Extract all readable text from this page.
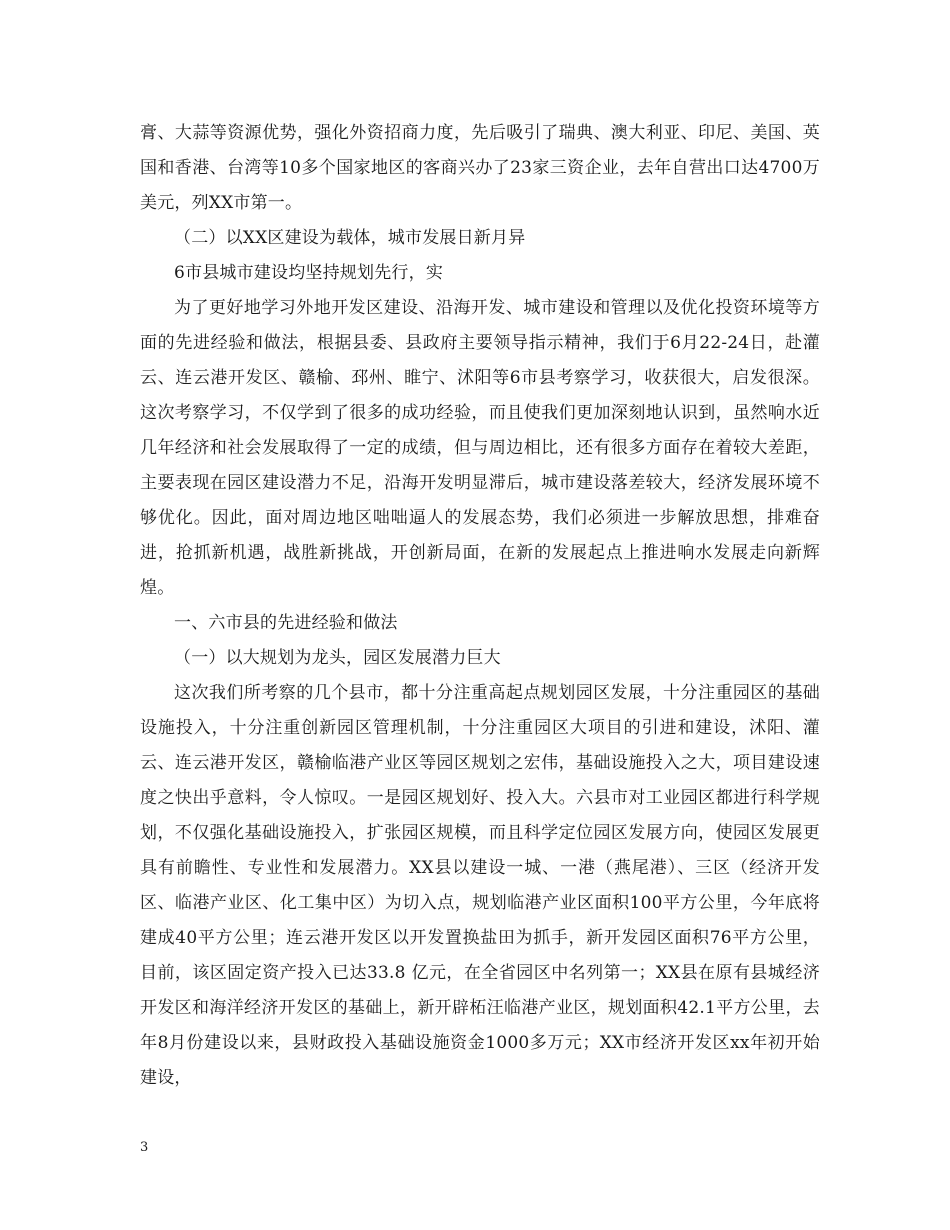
膏、大蒜等资源优势，强化外资招商力度，先后吸引了瑞典、澳大利亚、印尼、美国、英国和香港、台湾等10多个国家地区的客商兴办了23家三资企业，去年自营出口达4700万美元，列XX市第一。

（二）以XX区建设为载体，城市发展日新月异

6市县城市建设均坚持规划先行，实

为了更好地学习外地开发区建设、沿海开发、城市建设和管理以及优化投资环境等方面的先进经验和做法，根据县委、县政府主要领导指示精神，我们于6月22-24日，赴灌云、连云港开发区、赣榆、邳州、睢宁、沭阳等6市县考察学习，收获很大，启发很深。这次考察学习，不仅学到了很多的成功经验，而且使我们更加深刻地认识到，虽然响水近几年经济和社会发展取得了一定的成绩，但与周边相比，还有很多方面存在着较大差距，主要表现在园区建设潜力不足，沿海开发明显滞后，城市建设落差较大，经济发展环境不够优化。因此，面对周边地区咄咄逼人的发展态势，我们必须进一步解放思想，排难奋进，抢抓新机遇，战胜新挑战，开创新局面，在新的发展起点上推进响水发展走向新辉煌。

一、六市县的先进经验和做法

（一）以大规划为龙头，园区发展潜力巨大

这次我们所考察的几个县市，都十分注重高起点规划园区发展，十分注重园区的基础设施投入，十分注重创新园区管理机制，十分注重园区大项目的引进和建设，沭阳、灌云、连云港开发区，赣榆临港产业区等园区规划之宏伟，基础设施投入之大，项目建设速度之快出乎意料，令人惊叹。一是园区规划好、投入大。六县市对工业园区都进行科学规划，不仅强化基础设施投入，扩张园区规模，而且科学定位园区发展方向，使园区发展更具有前瞻性、专业性和发展潜力。XX县以建设一城、一港（燕尾港）、三区（经济开发区、临港产业区、化工集中区）为切入点，规划临港产业区面积100平方公里，今年底将建成40平方公里；连云港开发区以开发置换盐田为抓手，新开发园区面积76平方公里，目前，该区固定资产投入已达33.8 亿元，在全省园区中名列第一；XX县在原有县城经济开发区和海洋经济开发区的基础上，新开辟柘汪临港产业区，规划面积42.1平方公里，去年8月份建设以来，县财政投入基础设施资金1000多万元；XX市经济开发区xx年初开始建设，

3
